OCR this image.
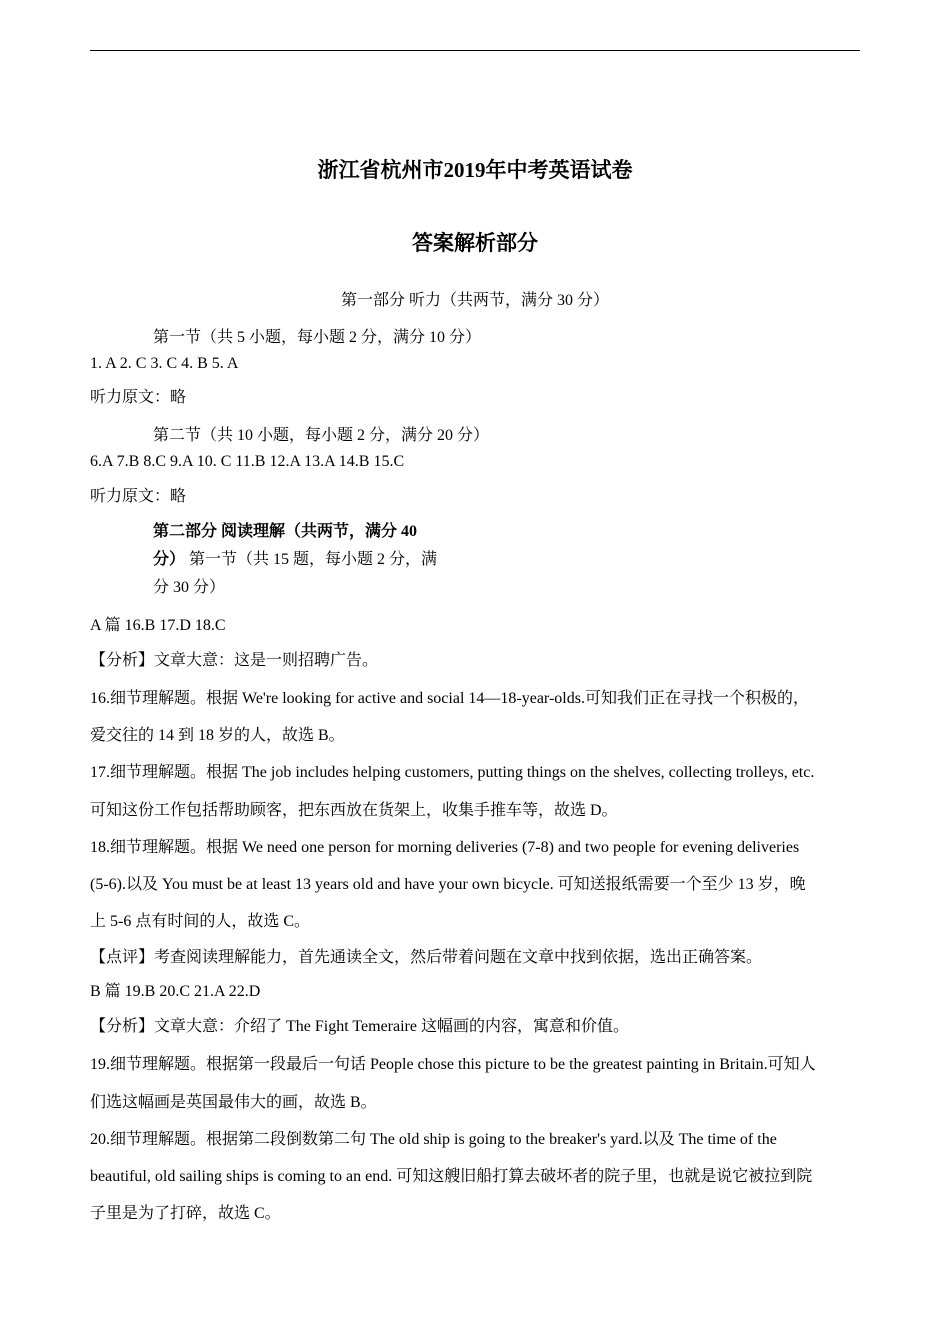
浙江省杭州市2019年中考英语试卷
答案解析部分
第一部分 听力（共两节，满分 30 分）
第一节（共 5 小题，每小题 2 分，满分 10 分）
1. A 2. C 3. C 4. B 5. A
听力原文：略
第二节（共 10 小题，每小题 2 分，满分 20 分）
6.A 7.B 8.C 9.A 10. C 11.B 12.A 13.A 14.B 15.C
听力原文：略
第二部分 阅读理解（共两节，满分 40
分） 第一节（共 15 题，每小题 2 分，满
分 30 分）
A 篇 16.B 17.D 18.C
【分析】文章大意：这是一则招聘广告。
16.细节理解题。根据 We're looking for active and social 14—18-year-olds.可知我们正在寻找一个积极的，
爱交往的 14 到 18 岁的人，故选 B。
17.细节理解题。根据 The job includes helping customers, putting things on the shelves, collecting trolleys, etc.
可知这份工作包括帮助顾客，把东西放在货架上，收集手推车等，故选 D。
18.细节理解题。根据 We need one person for morning deliveries (7-8) and two people for evening deliveries
(5-6).以及 You must be at least 13 years old and have your own bicycle. 可知送报纸需要一个至少 13 岁，晚
上 5-6 点有时间的人，故选 C。
【点评】考查阅读理解能力，首先通读全文，然后带着问题在文章中找到依据，选出正确答案。
B 篇 19.B 20.C 21.A 22.D
【分析】文章大意：介绍了 The Fight Temeraire 这幅画的内容，寓意和价值。
19.细节理解题。根据第一段最后一句话 People chose this picture to be the greatest painting in Britain.可知人
们选这幅画是英国最伟大的画，故选 B。
20.细节理解题。根据第二段倒数第二句 The old ship is going to the breaker's yard.以及 The time of the
beautiful, old sailing ships is coming to an end. 可知这艘旧船打算去破坏者的院子里，也就是说它被拉到院
子里是为了打碎，故选 C。
